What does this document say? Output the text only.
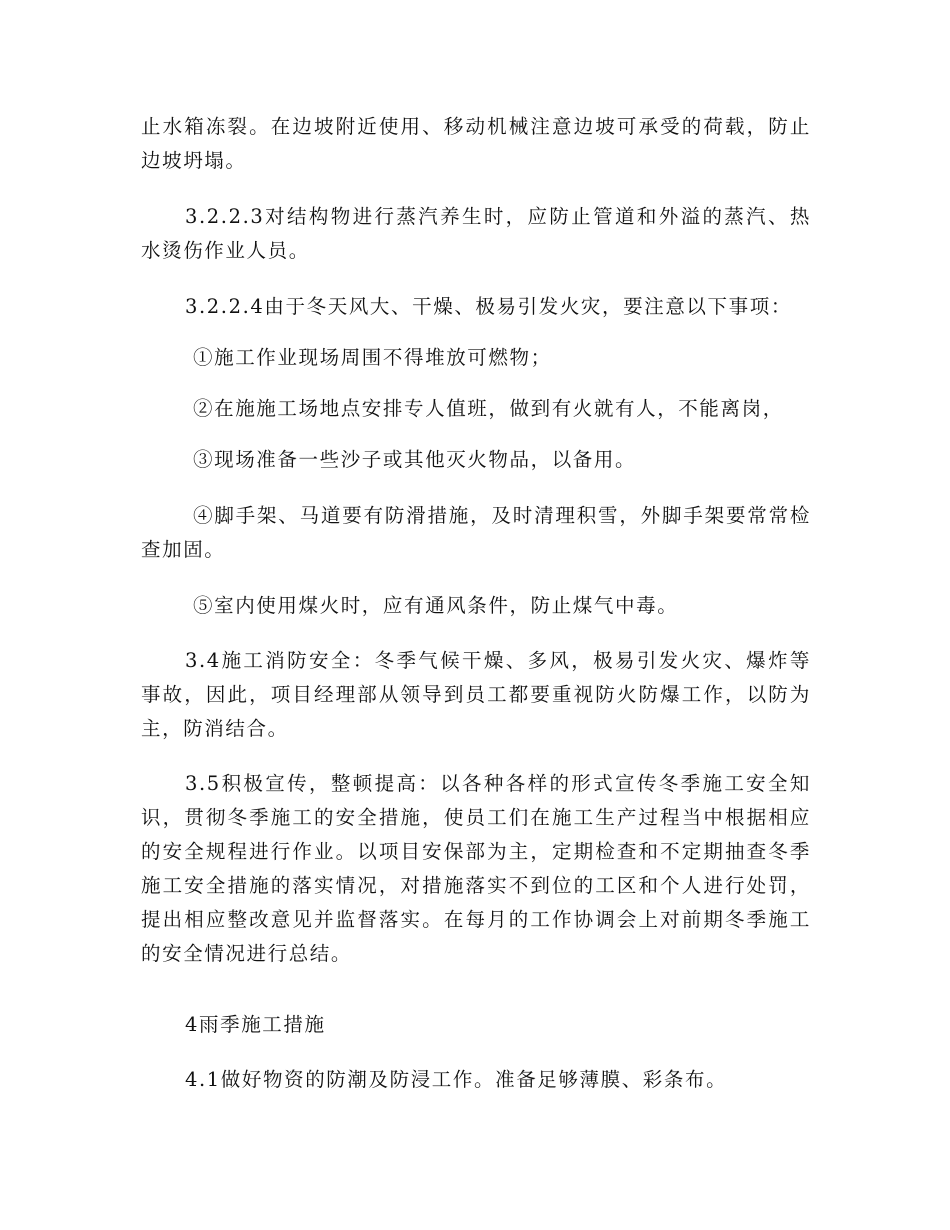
止水箱冻裂。在边坡附近使用、移动机械注意边坡可承受的荷载，防止边坡坍塌。

3.2.2.3对结构物进行蒸汽养生时，应防止管道和外溢的蒸汽、热水烫伤作业人员。

3.2.2.4由于冬天风大、干燥、极易引发火灾，要注意以下事项：

①施工作业现场周围不得堆放可燃物；

②在施施工场地点安排专人值班，做到有火就有人，不能离岗，

③现场准备一些沙子或其他灭火物品，以备用。

④脚手架、马道要有防滑措施，及时清理积雪，外脚手架要常常检查加固。

⑤室内使用煤火时，应有通风条件，防止煤气中毒。

3.4施工消防安全：冬季气候干燥、多风，极易引发火灾、爆炸等事故，因此，项目经理部从领导到员工都要重视防火防爆工作，以防为主，防消结合。

3.5积极宣传，整顿提高：以各种各样的形式宣传冬季施工安全知识，贯彻冬季施工的安全措施，使员工们在施工生产过程当中根据相应的安全规程进行作业。以项目安保部为主，定期检查和不定期抽查冬季施工安全措施的落实情况，对措施落实不到位的工区和个人进行处罚，提出相应整改意见并监督落实。在每月的工作协调会上对前期冬季施工的安全情况进行总结。

4雨季施工措施

4.1做好物资的防潮及防浸工作。准备足够薄膜、彩条布。
